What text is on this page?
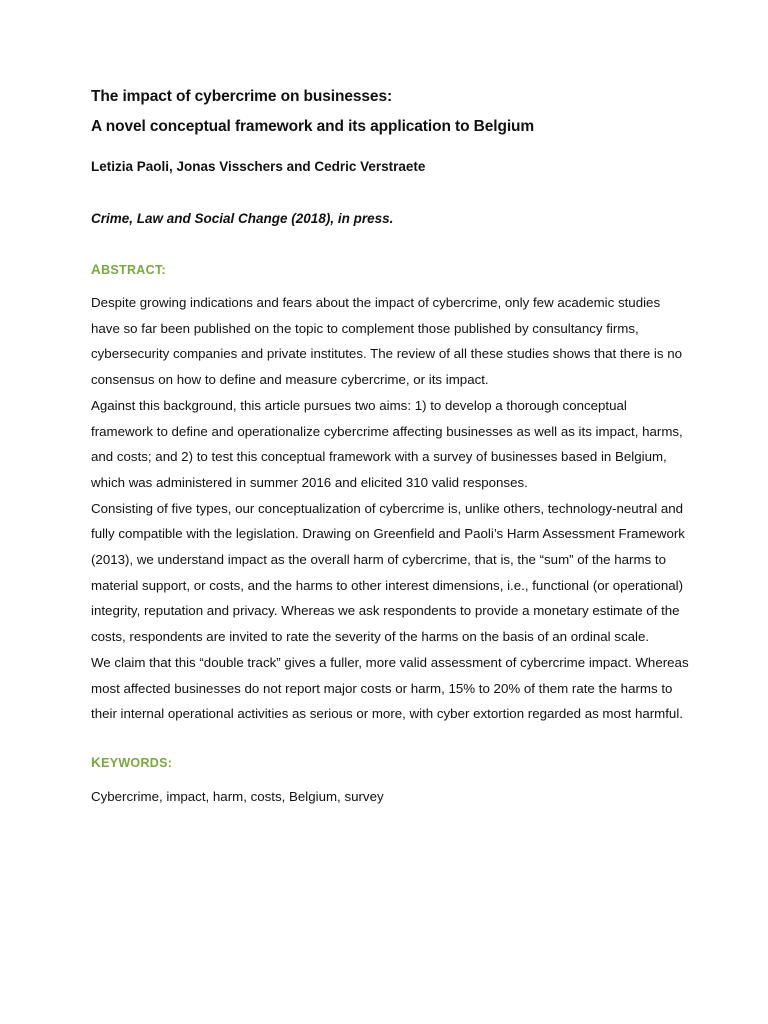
The impact of cybercrime on businesses:
A novel conceptual framework and its application to Belgium
Letizia Paoli, Jonas Visschers and Cedric Verstraete
Crime, Law and Social Change (2018), in press.
ABSTRACT:

Despite growing indications and fears about the impact of cybercrime, only few academic studies have so far been published on the topic to complement those published by consultancy firms, cybersecurity companies and private institutes. The review of all these studies shows that there is no consensus on how to define and measure cybercrime, or its impact.

Against this background, this article pursues two aims: 1) to develop a thorough conceptual framework to define and operationalize cybercrime affecting businesses as well as its impact, harms, and costs; and 2) to test this conceptual framework with a survey of businesses based in Belgium, which was administered in summer 2016 and elicited 310 valid responses.

Consisting of five types, our conceptualization of cybercrime is, unlike others, technology-neutral and fully compatible with the legislation. Drawing on Greenfield and Paoli’s Harm Assessment Framework (2013), we understand impact as the overall harm of cybercrime, that is, the “sum” of the harms to material support, or costs, and the harms to other interest dimensions, i.e., functional (or operational) integrity, reputation and privacy. Whereas we ask respondents to provide a monetary estimate of the costs, respondents are invited to rate the severity of the harms on the basis of an ordinal scale.

We claim that this “double track” gives a fuller, more valid assessment of cybercrime impact. Whereas most affected businesses do not report major costs or harm, 15% to 20% of them rate the harms to their internal operational activities as serious or more, with cyber extortion regarded as most harmful.

KEYWORDS:
Cybercrime, impact, harm, costs, Belgium, survey
